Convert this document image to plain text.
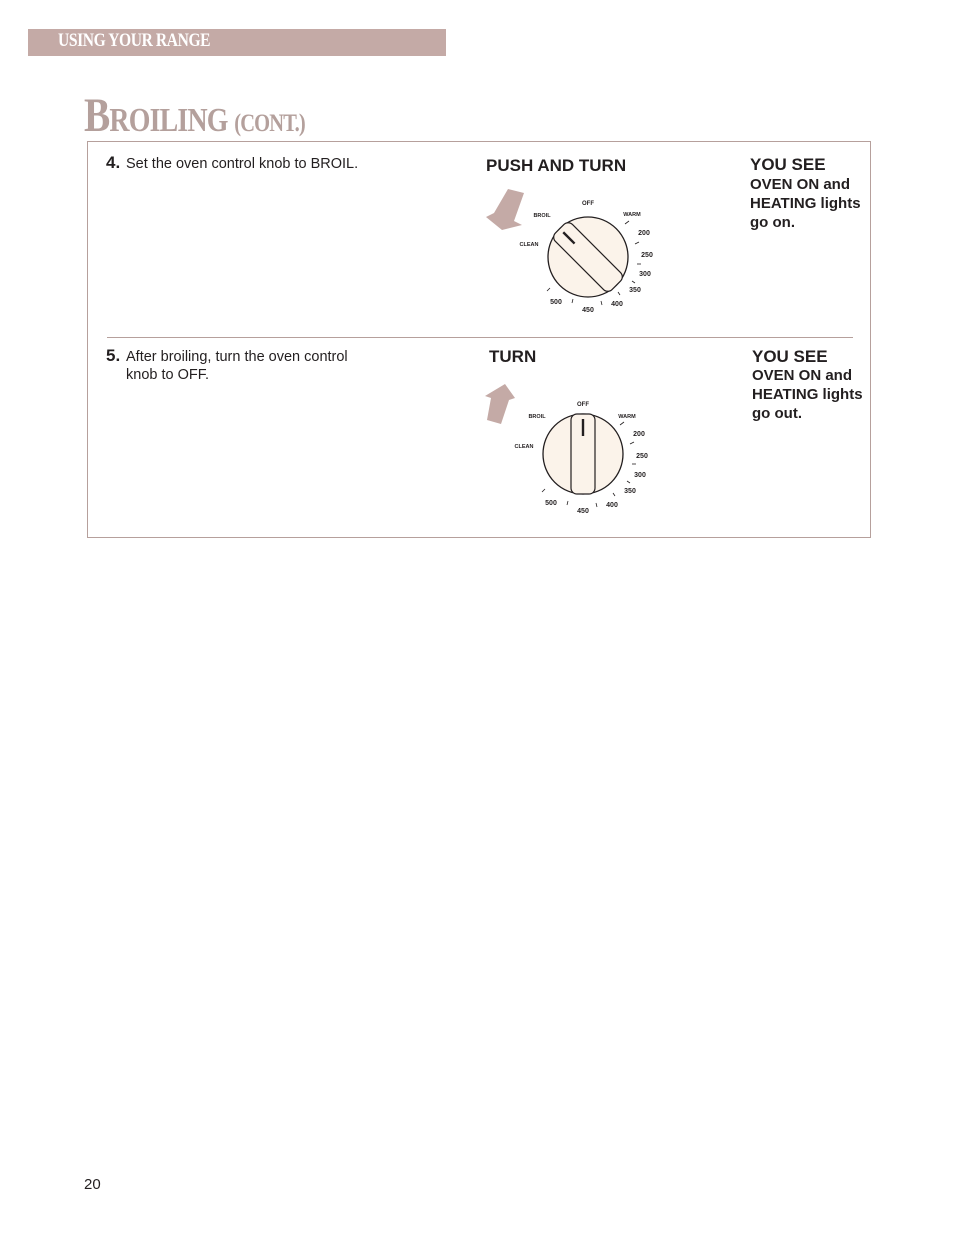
USING YOUR RANGE
BROILING (CONT.)
4. Set the oven control knob to BROIL.	PUSH AND TURN	YOU SEE
OVEN ON and
HEATING lights
go on.
OFF
BROIL	WARM
CLEAN
200
250
300
350
400
450
500
5. After broiling, turn the oven control
knob to OFF.
TURN	YOU SEE
OVEN ON and
HEATING lights
go out.
OFF
BROIL	WARM
CLEAN
200
250
300
350
400
450
500
20
